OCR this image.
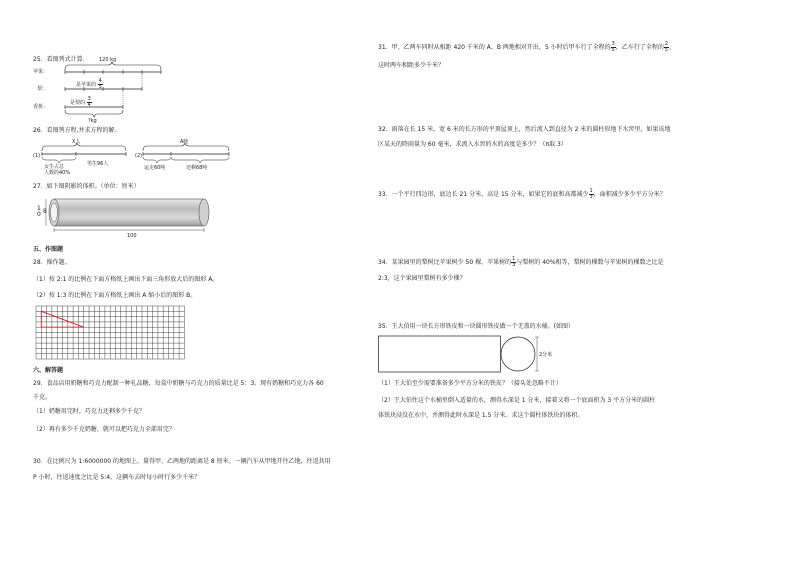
25．看图列式计算．
苹果：
梨：
香蕉：
120 kg
是苹果的 $\frac{4}{5}$
是梨的 $\frac{3}{4}$
?kg
26．看图列方程,并求方程的解。
(1)
X人
女生占总
人数的40%
男生96人
(2)
A吨
运走60吨	还剩68吨
27．如下图阴影的体积。（单位：厘米）
1
0 8
100
五、作图题
28．操作题。
（1）按 2:1 的比例在下面方格纸上画出下面三角形放大后的图形 A。
（2）按 1:3 的比例在下面方格纸上画出 A 缩小后的图形 B。
六、解答题
29．食品店用奶糖和巧克力配制一种礼品糖，每盒中奶糖与巧克力的质量比是 5：3。现有奶糖和巧克力各 60
千克。
（1）奶糖用完时，巧克力还剩多少千克？
（2）再有多少千克奶糖，就可以把巧克力全部用完？
30．在比例尺为 1:6000000 的地图上，量得甲、乙两地的距离是 8 厘米。一辆汽车从甲地开往乙地，往返共用
P 小时，往返速度之比是 5:4。这辆车去时每小时行多少千米？
31．甲、乙两车同时从相距 420 千米的 A、B 两地相对开出，5 小时后甲车行了全程的 $\frac{3}{5}$ ，乙车行了全程的 $\frac{2}{5}$ ，
这时两车相距多少千米？
32．雨落在长 15 米，宽 6 米的长方形的平顶屋顶上，然后流入到直径为 2 米的圆柱形地下水窖里，如果该地
区某天的降雨量为 60 毫米，求流入水窖的水的高度是多少？（π取 3）
33．一个平行四边形，底边长 21 分米，高是 15 分米，如果它的底和高都减少 $\frac{1}{3}$ ，面积减少多少平方分米？
34．某果园里的梨树比苹果树少 50 棵，苹果树的 $\frac{1}{3}$ 与梨树的 40%相等，梨树的棵数与苹果树的棵数之比是
2:3，这个果园里梨树有多少棵？
35．王大伯用一块长方形铁皮和一块圆形铁皮做一个无盖的水桶。(如图）
2分米
（1）王大伯至少需要准备多少平方分米的铁皮？（接头处忽略不计）
（2）王大伯往这个水桶里倒入适量的水，测得水深是 1 分米，接着又将一个底面积为 3 平方分米的圆柱
体铁块浸没在水中，并测得此时水深是 1.5 分米。求这个圆柱体铁块的体积。
